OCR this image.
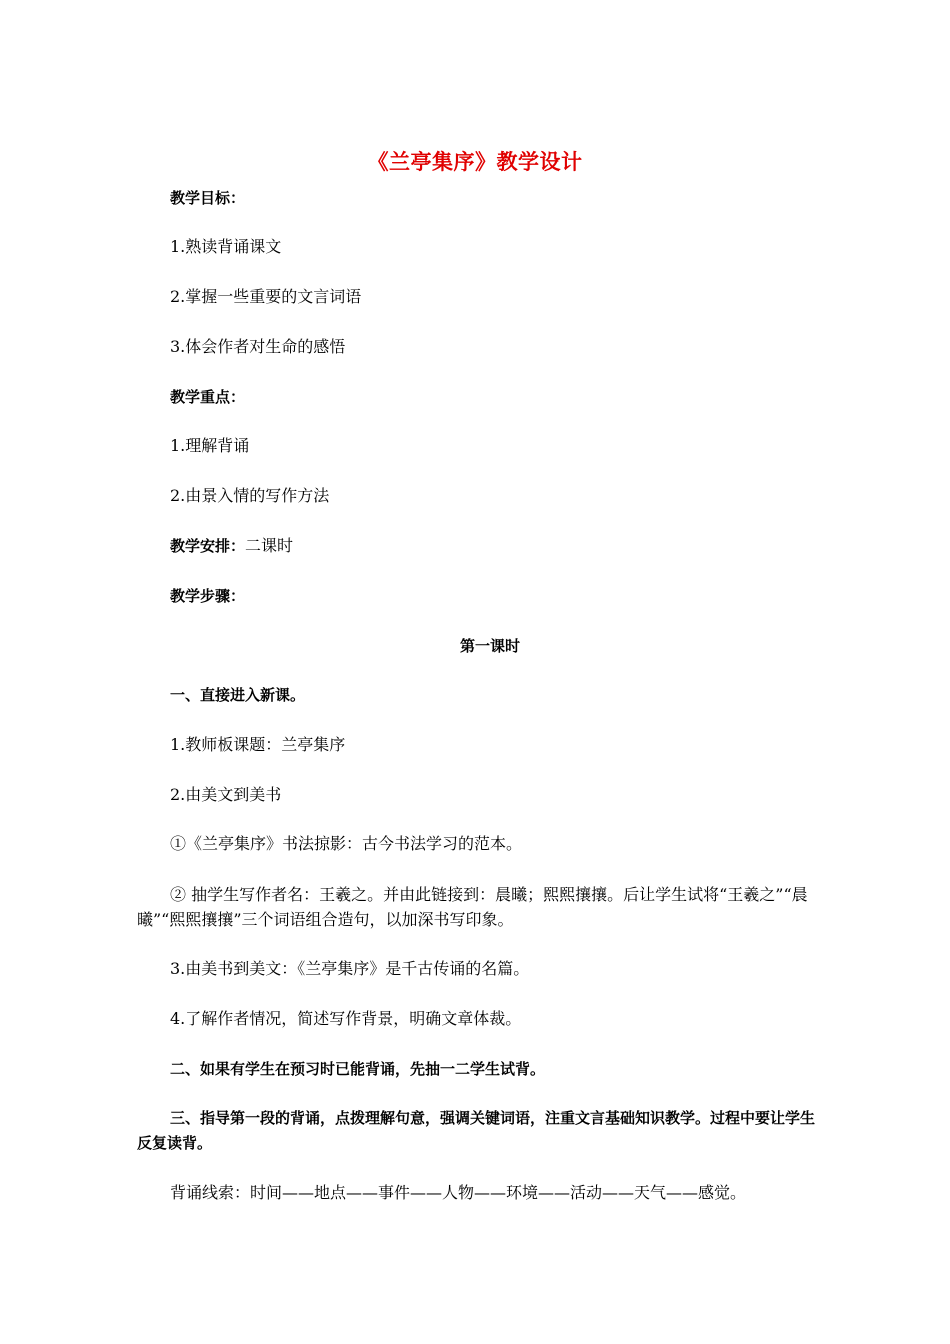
《兰亭集序》教学设计
教学目标：
1.熟读背诵课文
2.掌握一些重要的文言词语
3.体会作者对生命的感悟
教学重点：
1.理解背诵
2.由景入情的写作方法
教学安排：二课时
教学步骤：
第一课时
一、直接进入新课。
1.教师板课题：兰亭集序
2.由美文到美书
①《兰亭集序》书法掠影：古今书法学习的范本。
② 抽学生写作者名：王羲之。并由此链接到：晨曦；熙熙攘攘。后让学生试将“王羲之”“晨曦”“熙熙攘攘”三个词语组合造句，以加深书写印象。
3.由美书到美文：《兰亭集序》是千古传诵的名篇。
4.了解作者情况，简述写作背景，明确文章体裁。
二、如果有学生在预习时已能背诵，先抽一二学生试背。
三、指导第一段的背诵，点拨理解句意，强调关键词语，注重文言基础知识教学。过程中要让学生反复读背。
背诵线索：时间——地点——事件——人物——环境——活动——天气——感觉。
